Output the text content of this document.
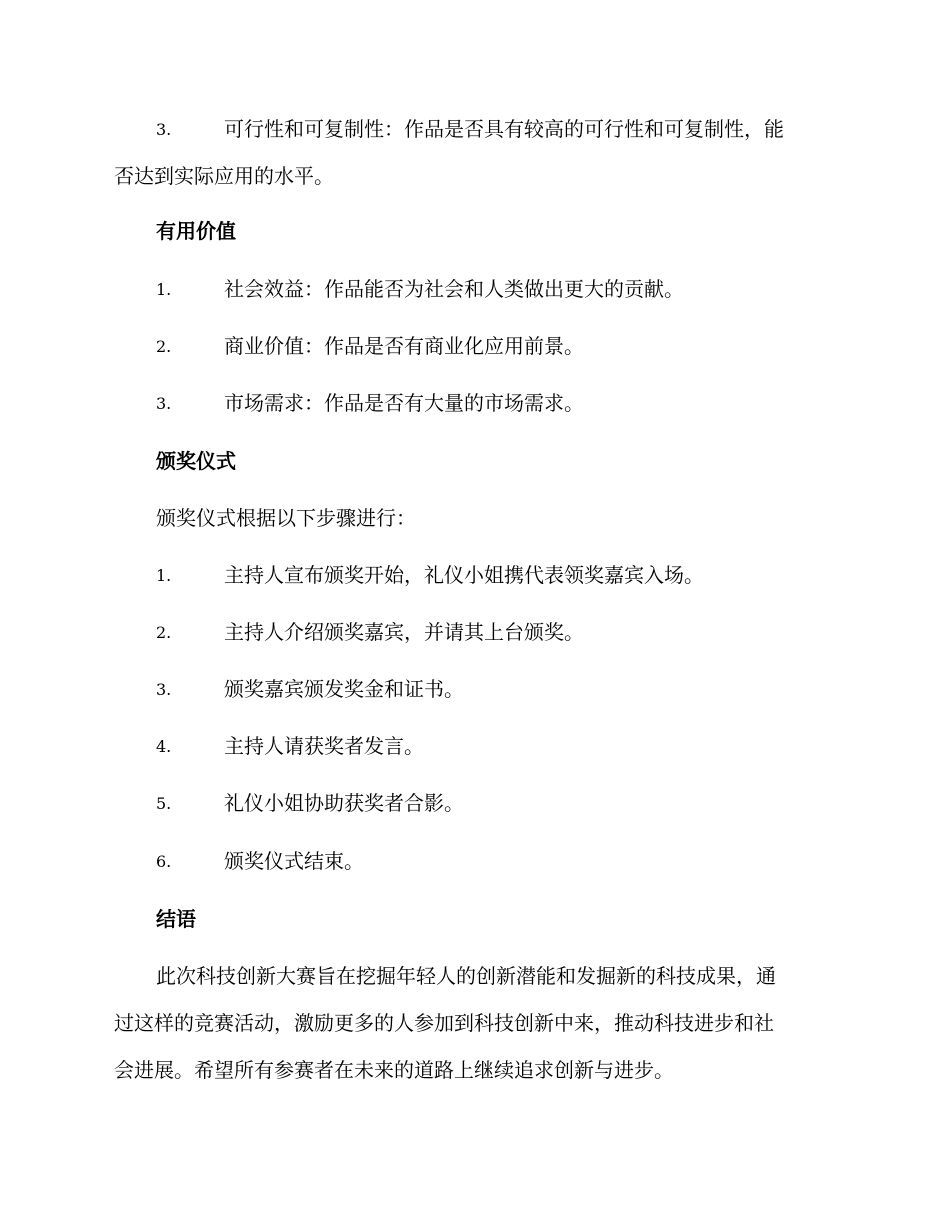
3.	可行性和可复制性：作品是否具有较高的可行性和可复制性，能
否达到实际应用的水平。
有用价值
1.	社会效益：作品能否为社会和人类做出更大的贡献。
2.	商业价值：作品是否有商业化应用前景。
3.	市场需求：作品是否有大量的市场需求。
颁奖仪式
颁奖仪式根据以下步骤进行：
1.	主持人宣布颁奖开始，礼仪小姐携代表领奖嘉宾入场。
2.	主持人介绍颁奖嘉宾，并请其上台颁奖。
3.	颁奖嘉宾颁发奖金和证书。
4.	主持人请获奖者发言。
5.	礼仪小姐协助获奖者合影。
6.	颁奖仪式结束。
结语
此次科技创新大赛旨在挖掘年轻人的创新潜能和发掘新的科技成果，通
过这样的竞赛活动，激励更多的人参加到科技创新中来，推动科技进步和社
会进展。希望所有参赛者在未来的道路上继续追求创新与进步。
